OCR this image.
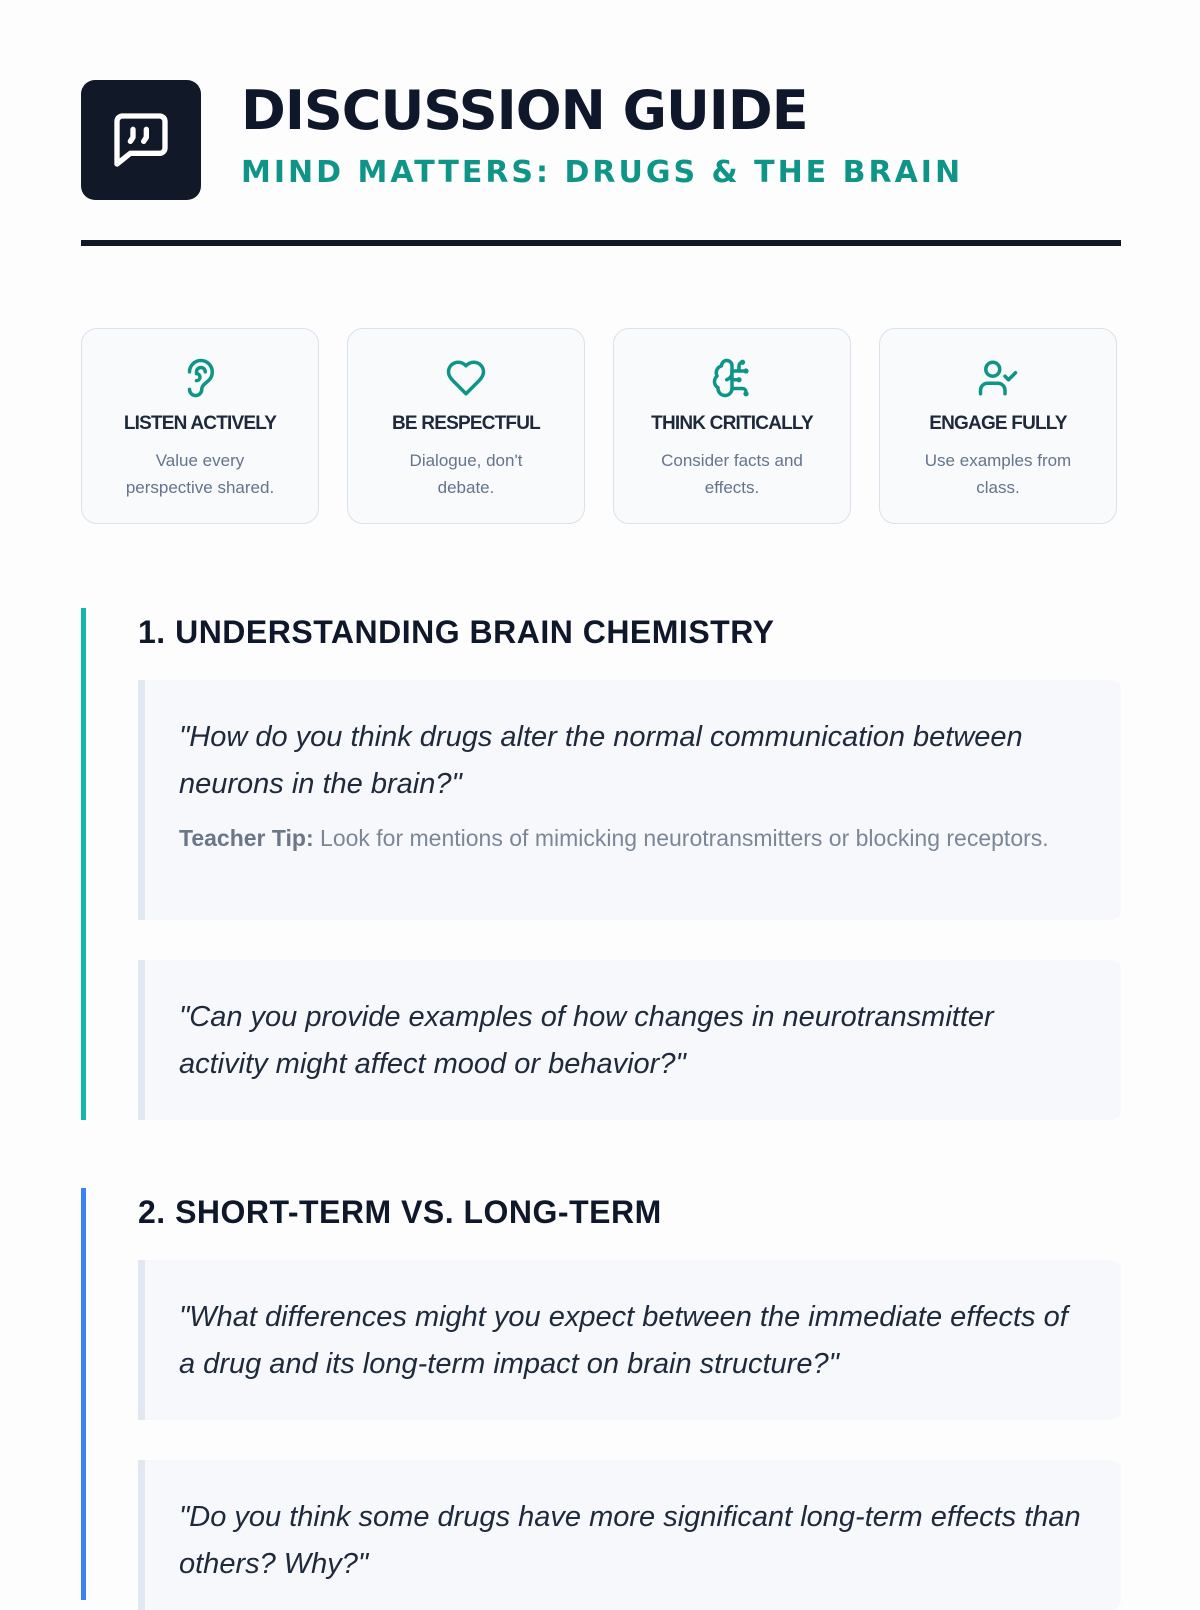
DISCUSSION GUIDE
MIND MATTERS: DRUGS & THE BRAIN
LISTEN ACTIVELY
Value every perspective shared.
BE RESPECTFUL
Dialogue, don't debate.
THINK CRITICALLY
Consider facts and effects.
ENGAGE FULLY
Use examples from class.
1. UNDERSTANDING BRAIN CHEMISTRY
"How do you think drugs alter the normal communication between neurons in the brain?"
Teacher Tip: Look for mentions of mimicking neurotransmitters or blocking receptors.
"Can you provide examples of how changes in neurotransmitter activity might affect mood or behavior?"
2. SHORT-TERM VS. LONG-TERM
"What differences might you expect between the immediate effects of a drug and its long-term impact on brain structure?"
"Do you think some drugs have more significant long-term effects than others? Why?"
